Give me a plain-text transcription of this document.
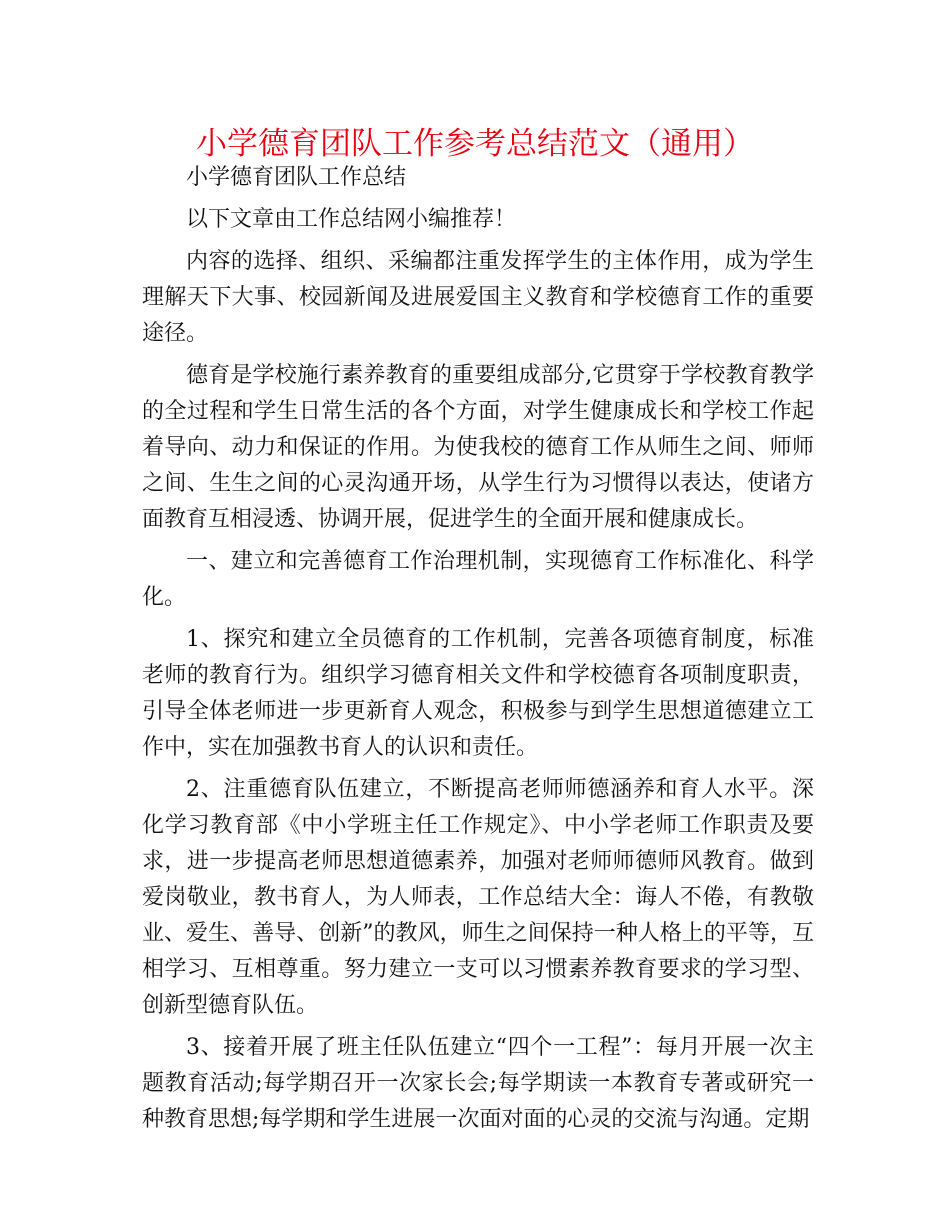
小学德育团队工作参考总结范文（通用）

小学德育团队工作总结

以下文章由工作总结网小编推荐！

内容的选择、组织、采编都注重发挥学生的主体作用，成为学生理解天下大事、校园新闻及进展爱国主义教育和学校德育工作的重要途径。

德育是学校施行素养教育的重要组成部分,它贯穿于学校教育教学的全过程和学生日常生活的各个方面，对学生健康成长和学校工作起着导向、动力和保证的作用。为使我校的德育工作从师生之间、师师之间、生生之间的心灵沟通开场，从学生行为习惯得以表达，使诸方面教育互相浸透、协调开展，促进学生的全面开展和健康成长。

一、建立和完善德育工作治理机制，实现德育工作标准化、科学化。

1、探究和建立全员德育的工作机制，完善各项德育制度，标准老师的教育行为。组织学习德育相关文件和学校德育各项制度职责，引导全体老师进一步更新育人观念，积极参与到学生思想道德建立工作中，实在加强教书育人的认识和责任。

2、注重德育队伍建立，不断提高老师师德涵养和育人水平。深化学习教育部《中小学班主任工作规定》、中小学老师工作职责及要求，进一步提高老师思想道德素养，加强对老师师德师风教育。做到爱岗敬业，教书育人，为人师表，工作总结大全：诲人不倦，有教敬业、爱生、善导、创新”的教风，师生之间保持一种人格上的平等，互相学习、互相尊重。努力建立一支可以习惯素养教育要求的学习型、创新型德育队伍。

3、接着开展了班主任队伍建立“四个一工程”：每月开展一次主题教育活动;每学期召开一次家长会;每学期读一本教育专著或研究一种教育思想;每学期和学生进展一次面对面的心灵的交流与沟通。定期
